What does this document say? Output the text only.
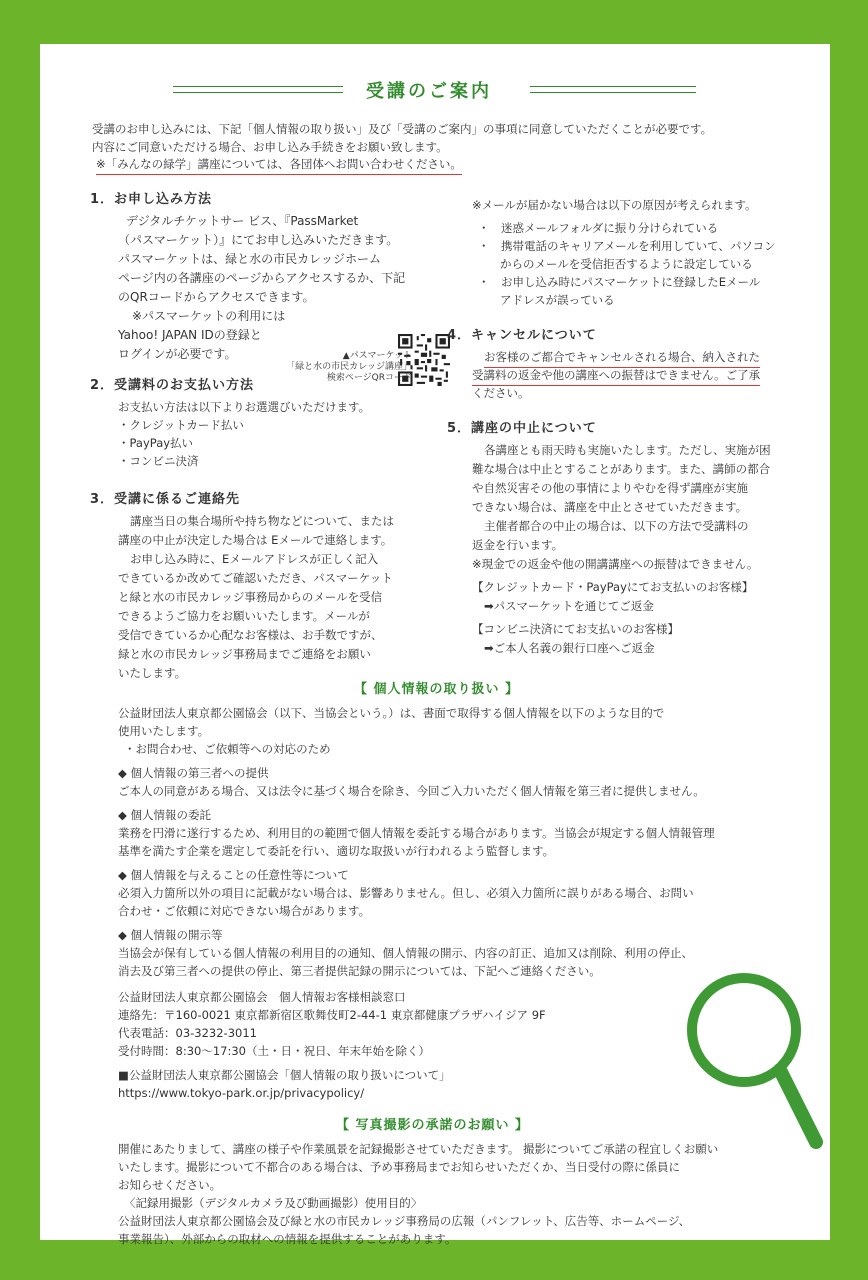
受講のご案内
受講のお申し込みには、下記「個人情報の取り扱い」及び「受講のご案内」の事項に同意していただくことが必要です。
内容にご同意いただける場合、お申し込み手続きをお願い致します。
※「みんなの緑学」講座については、各団体へお問い合わせください。
1．お申し込み方法
デジタルチケットサー ビス、『PassMarket
（パスマーケット）』にてお申し込みいただきます。
パスマーケットは、緑と水の市民カレッジホーム
ページ内の各講座のページからアクセスするか、下記
のQRコードからアクセスできます。
※パスマーケットの利用には
Yahoo! JAPAN IDの登録と
ログインが必要です。	▲パスマーケット
「緑と水の市民カレッジ講座」
検索ページQRコード
2．受講料のお支払い方法
お支払い方法は以下よりお選選びいただけます。
・クレジットカード払い
・PayPay払い
・コンビニ決済
3．受講に係るご連絡先
講座当日の集合場所や持ち物などについて、または
講座の中止が決定した場合は Eメールで連絡します。
お申し込み時に、Eメールアドレスが正しく記入
できているか改めてご確認いただき、パスマーケット
と緑と水の市民カレッジ事務局からのメールを受信
できるようご協力をお願いいたします。メールが
受信できているか心配なお客様は、お手数ですが、
緑と水の市民カレッジ事務局までご連絡をお願い
いたします。
※メールが届かない場合は以下の原因が考えられます。
・　迷惑メールフォルダに振り分けられている
・　携帯電話のキャリアメールを利用していて、パソコン
からのメールを受信拒否するように設定している
・　お申し込み時にパスマーケットに登録したEメール
アドレスが誤っている
4．キャンセルについて
お客様のご都合でキャンセルされる場合、納入された
受講料の返金や他の講座への振替はできません。ご了承
ください。
5．講座の中止について
各講座とも雨天時も実施いたします。ただし、実施が困
難な場合は中止とすることがあります。また、講師の都合
や自然災害その他の事情によりやむを得ず講座が実施
できない場合は、講座を中止とさせていただきます。
主催者都合の中止の場合は、以下の方法で受講料の
返金を行います。
※現金での返金や他の開講講座への振替はできません。
【クレジットカード・PayPayにてお支払いのお客様】
➡パスマーケットを通じてご返金
【コンビニ決済にてお支払いのお客様】
➡ご本人名義の銀行口座へご返金
【 個人情報の取り扱い 】
公益財団法人東京都公園協会（以下、当協会という。）は、書面で取得する個人情報を以下のような目的で
使用いたします。
・お問合わせ、ご依頼等への対応のため
◆ 個人情報の第三者への提供
ご本人の同意がある場合、又は法令に基づく場合を除き、今回ご入力いただく個人情報を第三者に提供しません。
◆ 個人情報の委託
業務を円滑に遂行するため、利用目的の範囲で個人情報を委託する場合があります。当協会が規定する個人情報管理
基準を満たす企業を選定して委託を行い、適切な取扱いが行われるよう監督します。
◆ 個人情報を与えることの任意性等について
必須入力箇所以外の項目に記載がない場合は、影響ありません。但し、必須入力箇所に誤りがある場合、お問い
合わせ・ご依頼に対応できない場合があります。
◆ 個人情報の開示等
当協会が保有している個人情報の利用目的の通知、個人情報の開示、内容の訂正、追加又は削除、利用の停止、
消去及び第三者への提供の停止、第三者提供記録の開示については、下記へご連絡ください。
公益財団法人東京都公園協会　個人情報お客様相談窓口
連絡先：〒160-0021 東京都新宿区歌舞伎町2-44-1 東京都健康プラザハイジア 9F
代表電話：03-3232-3011
受付時間：8:30〜17:30（土・日・祝日、年末年始を除く）
■公益財団法人東京都公園協会「個人情報の取り扱いについて」
https://www.tokyo-park.or.jp/privacypolicy/
【 写真撮影の承諾のお願い 】
開催にあたりまして、講座の様子や作業風景を記録撮影させていただきます。 撮影についてご承諾の程宜しくお願い
いたします。撮影について不都合のある場合は、予め事務局までお知らせいただくか、当日受付の際に係員に
お知らせください。
〈記録用撮影（デジタルカメラ及び動画撮影）使用目的〉
公益財団法人東京都公園協会及び緑と水の市民カレッジ事務局の広報（パンフレット、広告等、ホームページ、
事業報告）、外部からの取材への情報を提供することがあります。
